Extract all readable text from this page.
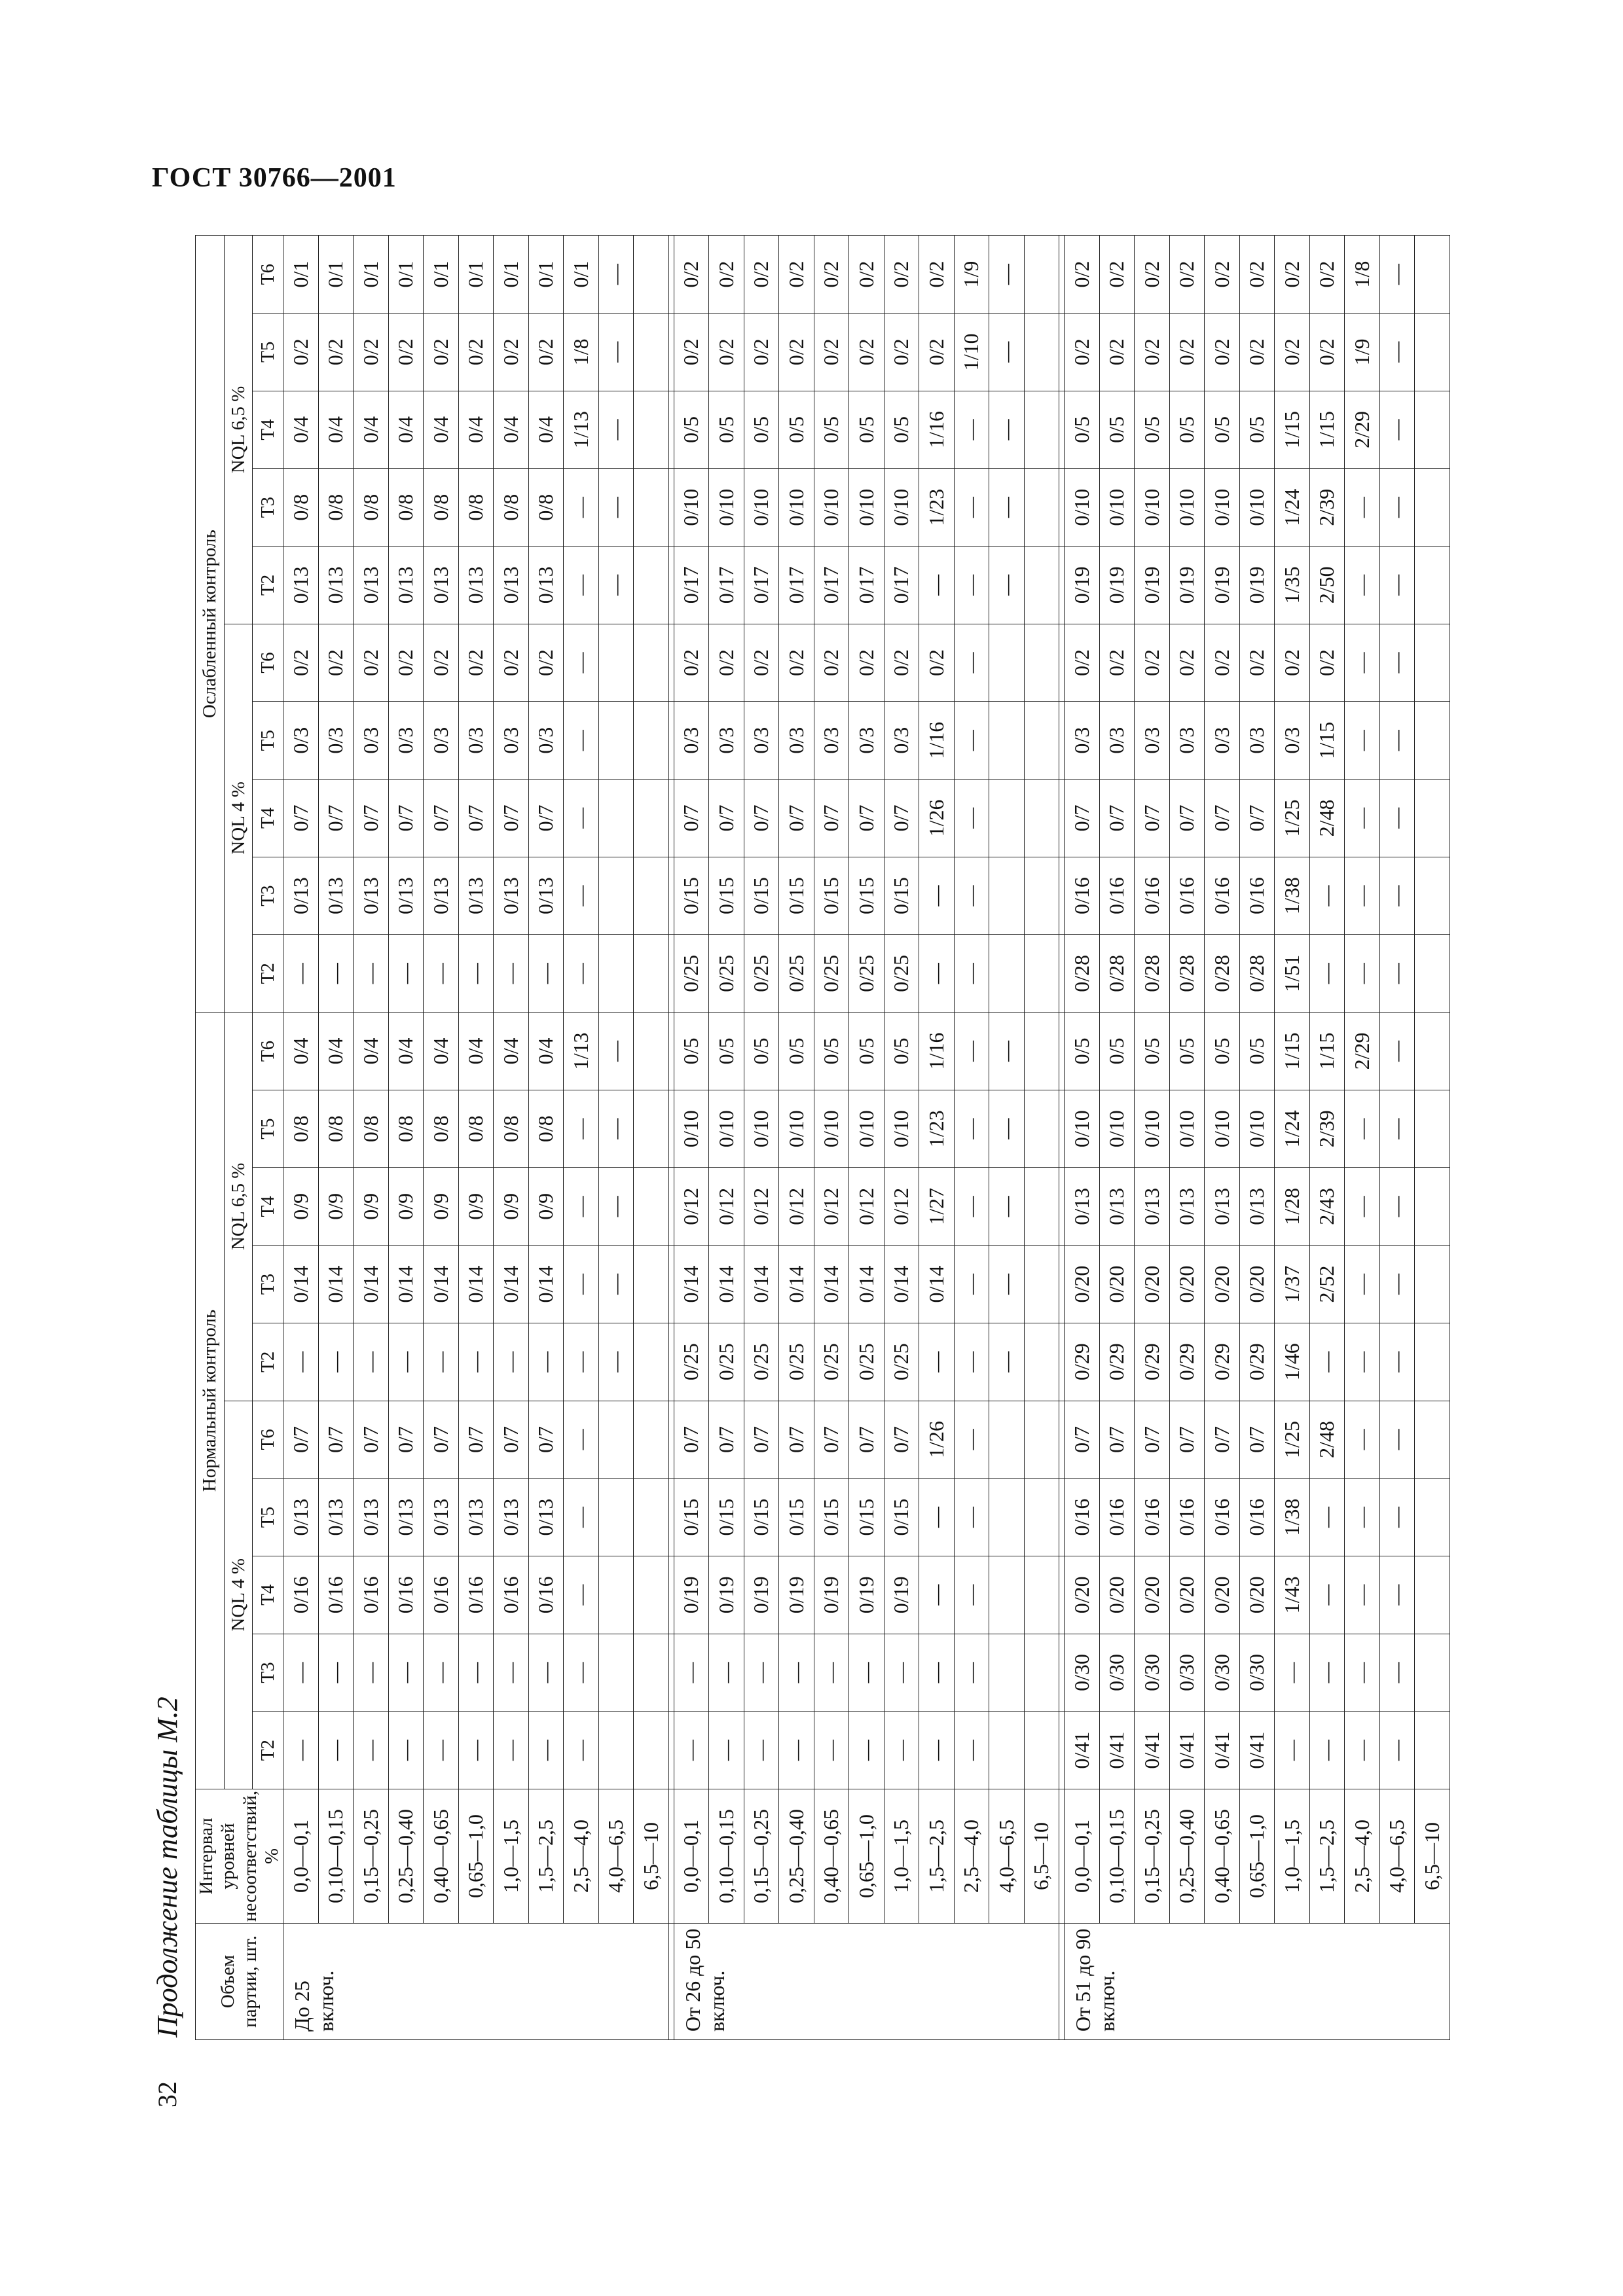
ГОСТ 30766—2001
32
Продолжение таблицы М.2 Объем партии, шт.	Интервал уровней несоответствий, %	Нормальный контроль										Ослабленный контроль									
		NQL 4 %					NQL 6,5 %					NQL 4 %					NQL 6,5 %				
		Т2	Т3	Т4	Т5	Т6	Т2	Т3	Т4	Т5	Т6	Т2	Т3	Т4	Т5	Т6	Т2	Т3	Т4	Т5	Т6
До 25 включ.	0,0—0,1	—	—	0/16	0/13	0/7	—	0/14	0/9	0/8	0/4	—	0/13	0/7	0/3	0/2	0/13	0/8	0/4	0/2	0/1
	0,10—0,15	—	—	0/16	0/13	0/7	—	0/14	0/9	0/8	0/4	—	0/13	0/7	0/3	0/2	0/13	0/8	0/4	0/2	0/1
	0,15—0,25	—	—	0/16	0/13	0/7	—	0/14	0/9	0/8	0/4	—	0/13	0/7	0/3	0/2	0/13	0/8	0/4	0/2	0/1
	0,25—0,40	—	—	0/16	0/13	0/7	—	0/14	0/9	0/8	0/4	—	0/13	0/7	0/3	0/2	0/13	0/8	0/4	0/2	0/1
	0,40—0,65	—	—	0/16	0/13	0/7	—	0/14	0/9	0/8	0/4	—	0/13	0/7	0/3	0/2	0/13	0/8	0/4	0/2	0/1
	0,65—1,0	—	—	0/16	0/13	0/7	—	0/14	0/9	0/8	0/4	—	0/13	0/7	0/3	0/2	0/13	0/8	0/4	0/2	0/1
	1,0—1,5	—	—	0/16	0/13	0/7	—	0/14	0/9	0/8	0/4	—	0/13	0/7	0/3	0/2	0/13	0/8	0/4	0/2	0/1
	1,5—2,5	—	—	0/16	0/13	0/7	—	0/14	0/9	0/8	0/4	—	0/13	0/7	0/3	0/2	0/13	0/8	0/4	0/2	0/1
	2,5—4,0	—	—	—	—	—	—	—	—	—	1/13	—	—	—	—	—	—	—	1/13	1/8	0/1
	4,0—6,5						—	—	—	—	—						—	—	—	—	—
	6,5—10																				

От 26 до 50 включ.	0,0—0,1	—	—	0/19	0/15	0/7	0/25	0/14	0/12	0/10	0/5	0/25	0/15	0/7	0/3	0/2	0/17	0/10	0/5	0/2	0/2
	0,10—0,15	—	—	0/19	0/15	0/7	0/25	0/14	0/12	0/10	0/5	0/25	0/15	0/7	0/3	0/2	0/17	0/10	0/5	0/2	0/2
	0,15—0,25	—	—	0/19	0/15	0/7	0/25	0/14	0/12	0/10	0/5	0/25	0/15	0/7	0/3	0/2	0/17	0/10	0/5	0/2	0/2
	0,25—0,40	—	—	0/19	0/15	0/7	0/25	0/14	0/12	0/10	0/5	0/25	0/15	0/7	0/3	0/2	0/17	0/10	0/5	0/2	0/2
	0,40—0,65	—	—	0/19	0/15	0/7	0/25	0/14	0/12	0/10	0/5	0/25	0/15	0/7	0/3	0/2	0/17	0/10	0/5	0/2	0/2
	0,65—1,0	—	—	0/19	0/15	0/7	0/25	0/14	0/12	0/10	0/5	0/25	0/15	0/7	0/3	0/2	0/17	0/10	0/5	0/2	0/2
	1,0—1,5	—	—	0/19	0/15	0/7	0/25	0/14	0/12	0/10	0/5	0/25	0/15	0/7	0/3	0/2	0/17	0/10	0/5	0/2	0/2
	1,5—2,5	—	—	—	—	1/26	—	0/14	1/27	1/23	1/16	—	—	1/26	1/16	0/2	—	1/23	1/16	0/2	0/2
	2,5—4,0	—	—	—	—	—	—	—	—	—	—	—	—	—	—	—	—	—	—	1/10	1/9
	4,0—6,5						—	—	—	—	—						—	—	—	—	—
	6,5—10																				

От 51 до 90 включ.	0,0—0,1	0/41	0/30	0/20	0/16	0/7	0/29	0/20	0/13	0/10	0/5	0/28	0/16	0/7	0/3	0/2	0/19	0/10	0/5	0/2	0/2
	0,10—0,15	0/41	0/30	0/20	0/16	0/7	0/29	0/20	0/13	0/10	0/5	0/28	0/16	0/7	0/3	0/2	0/19	0/10	0/5	0/2	0/2
	0,15—0,25	0/41	0/30	0/20	0/16	0/7	0/29	0/20	0/13	0/10	0/5	0/28	0/16	0/7	0/3	0/2	0/19	0/10	0/5	0/2	0/2
	0,25—0,40	0/41	0/30	0/20	0/16	0/7	0/29	0/20	0/13	0/10	0/5	0/28	0/16	0/7	0/3	0/2	0/19	0/10	0/5	0/2	0/2
	0,40—0,65	0/41	0/30	0/20	0/16	0/7	0/29	0/20	0/13	0/10	0/5	0/28	0/16	0/7	0/3	0/2	0/19	0/10	0/5	0/2	0/2
	0,65—1,0	0/41	0/30	0/20	0/16	0/7	0/29	0/20	0/13	0/10	0/5	0/28	0/16	0/7	0/3	0/2	0/19	0/10	0/5	0/2	0/2
	1,0—1,5	—	—	1/43	1/38	1/25	1/46	1/37	1/28	1/24	1/15	1/51	1/38	1/25	0/3	0/2	1/35	1/24	1/15	0/2	0/2
	1,5—2,5	—	—	—	—	2/48	—	2/52	2/43	2/39	1/15	—	—	2/48	1/15	0/2	2/50	2/39	1/15	0/2	0/2
	2,5—4,0	—	—	—	—	—	—	—	—	—	2/29	—	—	—	—	—	—	—	2/29	1/9	1/8
	4,0—6,5	—	—	—	—	—	—	—	—	—	—	—	—	—	—	—	—	—	—	—	—
	6,5—10																				
